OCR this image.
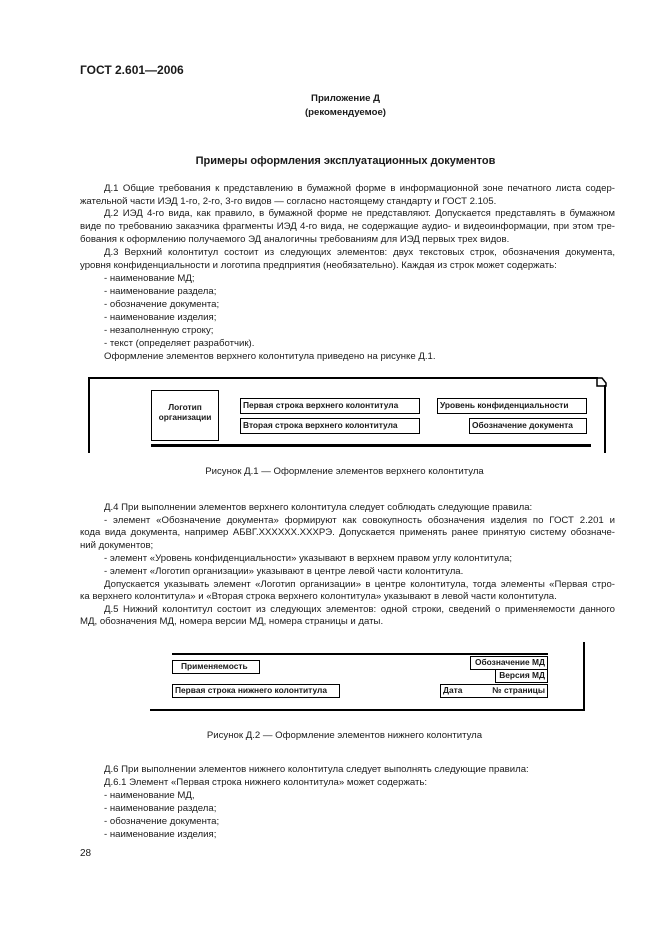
ГОСТ 2.601—2006
Приложение Д
(рекомендуемое)
Примеры оформления эксплуатационных документов
Д.1 Общие требования к представлению в бумажной форме в информационной зоне печатного листа содер-
жательной части ИЭД 1-го, 2-го, 3-го видов — согласно настоящему стандарту и ГОСТ 2.105.
Д.2 ИЭД 4-го вида, как правило, в бумажной форме не представляют. Допускается представлять в бумажном
виде по требованию заказчика фрагменты ИЭД 4-го вида, не содержащие аудио- и видеоинформации, при этом тре-
бования к оформлению получаемого ЭД аналогичны требованиям для ИЭД первых трех видов.
Д.3 Верхний колонтитул состоит из следующих элементов: двух текстовых строк, обозначения документа,
уровня конфиденциальности и логотипа предприятия (необязательно). Каждая из строк может содержать:
- наименование МД;
- наименование раздела;
- обозначение документа;
- наименование изделия;
- незаполненную строку;
- текст (определяет разработчик).
Оформление элементов верхнего колонтитула приведено на рисунке Д.1.
Логотип организации
Первая строка верхнего колонтитула
Вторая строка верхнего колонтитула
Уровень конфиденциальности
Обозначение документа
Рисунок Д.1 — Оформление элементов верхнего колонтитула
Д.4 При выполнении элементов верхнего колонтитула следует соблюдать следующие правила:
- элемент «Обозначение документа» формируют как совокупность обозначения изделия по ГОСТ 2.201 и
кода вида документа, например АБВГ.XXXXXX.XXXРЭ. Допускается применять ранее принятую систему обозначе-
ний документов;
- элемент «Уровень конфиденциальности» указывают в верхнем правом углу колонтитула;
- элемент «Логотип организации» указывают в центре левой части колонтитула.
Допускается указывать элемент «Логотип организации» в центре колонтитула, тогда элементы «Первая стро-
ка верхнего колонтитула» и «Вторая строка верхнего колонтитула» указывают в левой части колонтитула.
Д.5 Нижний колонтитул состоит из следующих элементов: одной строки, сведений о применяемости данного
МД, обозначения МД, номера версии МД, номера страницы и даты.
Применяемость
Первая строка нижнего колонтитула
Обозначение МД
Версия МД
Дата	№ страницы
Рисунок Д.2 — Оформление элементов нижнего колонтитула
Д.6 При выполнении элементов нижнего колонтитула следует выполнять следующие правила:
Д.6.1 Элемент «Первая строка нижнего колонтитула» может содержать:
- наименование МД,
- наименование раздела;
- обозначение документа;
- наименование изделия;
28
